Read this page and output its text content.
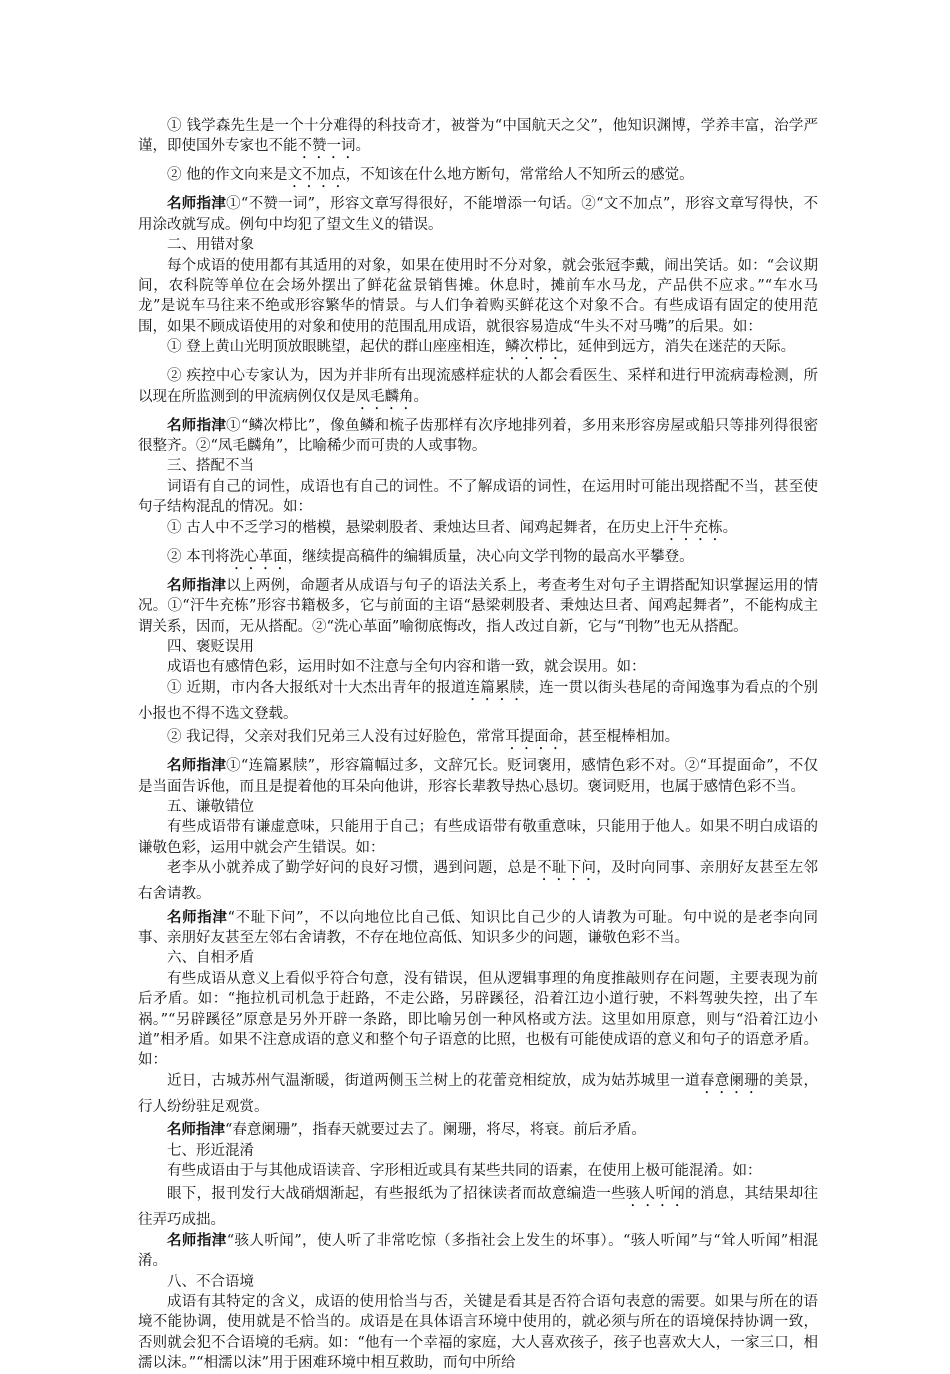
① 钱学森先生是一个十分难得的科技奇才，被誉为“中国航天之父”，他知识渊博，学养丰富，治学严谨，即使国外专家也不能不赞一词。

② 他的作文向来是文不加点，不知该在什么地方断句，常常给人不知所云的感觉。

名师指津①“不赞一词”，形容文章写得很好，不能增添一句话。②“文不加点”，形容文章写得快，不用涂改就写成。例句中均犯了望文生义的错误。

二、用错对象

每个成语的使用都有其适用的对象，如果在使用时不分对象，就会张冠李戴，闹出笑话。如：“会议期间，农科院等单位在会场外摆出了鲜花盆景销售摊。休息时，摊前车水马龙，产品供不应求。”“车水马龙”是说车马往来不绝或形容繁华的情景。与人们争着购买鲜花这个对象不合。有些成语有固定的使用范围，如果不顾成语使用的对象和使用的范围乱用成语，就很容易造成“牛头不对马嘴”的后果。如：

① 登上黄山光明顶放眼眺望，起伏的群山座座相连，鳞次栉比，延伸到远方，消失在迷茫的天际。

② 疾控中心专家认为，因为并非所有出现流感样症状的人都会看医生、采样和进行甲流病毒检测，所以现在所监测到的甲流病例仅仅是凤毛麟角。

名师指津①“鳞次栉比”，像鱼鳞和梳子齿那样有次序地排列着，多用来形容房屋或船只等排列得很密很整齐。②“凤毛麟角”，比喻稀少而可贵的人或事物。

三、搭配不当

词语有自己的词性，成语也有自己的词性。不了解成语的词性，在运用时可能出现搭配不当，甚至使句子结构混乱的情况。如：

① 古人中不乏学习的楷模，悬梁刺股者、秉烛达旦者、闻鸡起舞者，在历史上汗牛充栋。

② 本刊将洗心革面，继续提高稿件的编辑质量，决心向文学刊物的最高水平攀登。

名师指津以上两例，命题者从成语与句子的语法关系上，考查考生对句子主谓搭配知识掌握运用的情况。①“汗牛充栋”形容书籍极多，它与前面的主语“悬梁刺股者、秉烛达旦者、闻鸡起舞者”，不能构成主谓关系，因而，无从搭配。②“洗心革面”喻彻底悔改，指人改过自新，它与“刊物”也无从搭配。

四、褒贬误用

成语也有感情色彩，运用时如不注意与全句内容和谐一致，就会误用。如：

① 近期，市内各大报纸对十大杰出青年的报道连篇累牍，连一贯以街头巷尾的奇闻逸事为看点的个别小报也不得不选文登载。

② 我记得，父亲对我们兄弟三人没有过好脸色，常常耳提面命，甚至棍棒相加。

名师指津①“连篇累牍”，形容篇幅过多，文辞冗长。贬词褒用，感情色彩不对。②“耳提面命”，不仅是当面告诉他，而且是提着他的耳朵向他讲，形容长辈教导热心恳切。褒词贬用，也属于感情色彩不当。

五、谦敬错位

有些成语带有谦虚意味，只能用于自己；有些成语带有敬重意味，只能用于他人。如果不明白成语的谦敬色彩，运用中就会产生错误。如：

老李从小就养成了勤学好问的良好习惯，遇到问题，总是不耻下问，及时向同事、亲朋好友甚至左邻右舍请教。

名师指津“不耻下问”，不以向地位比自己低、知识比自己少的人请教为可耻。句中说的是老李向同事、亲朋好友甚至左邻右舍请教，不存在地位高低、知识多少的问题，谦敬色彩不当。

六、自相矛盾

有些成语从意义上看似乎符合句意，没有错误，但从逻辑事理的角度推敲则存在问题，主要表现为前后矛盾。如：“拖拉机司机急于赶路，不走公路，另辟蹊径，沿着江边小道行驶，不料驾驶失控，出了车祸。”“另辟蹊径”原意是另外开辟一条路，即比喻另创一种风格或方法。这里如用原意，则与“沿着江边小道”相矛盾。如果不注意成语的意义和整个句子语意的比照，也极有可能使成语的意义和句子的语意矛盾。如：

近日，古城苏州气温渐暖，街道两侧玉兰树上的花蕾竞相绽放，成为姑苏城里一道春意阑珊的美景，行人纷纷驻足观赏。

名师指津“春意阑珊”，指春天就要过去了。阑珊，将尽，将衰。前后矛盾。

七、形近混淆

有些成语由于与其他成语读音、字形相近或具有某些共同的语素，在使用上极可能混淆。如：

眼下，报刊发行大战硝烟渐起，有些报纸为了招徕读者而故意编造一些骇人听闻的消息，其结果却往往弄巧成拙。

名师指津“骇人听闻”，使人听了非常吃惊（多指社会上发生的坏事）。“骇人听闻”与“耸人听闻”相混淆。

八、不合语境

成语有其特定的含义，成语的使用恰当与否，关键是看其是否符合语句表意的需要。如果与所在的语境不能协调，使用就是不恰当的。成语是在具体语言环境中使用的，就必须与所在的语境保持协调一致，否则就会犯不合语境的毛病。如：“他有一个幸福的家庭，大人喜欢孩子，孩子也喜欢大人，一家三口，相濡以沫。”“相濡以沫”用于困难环境中相互救助，而句中所给
